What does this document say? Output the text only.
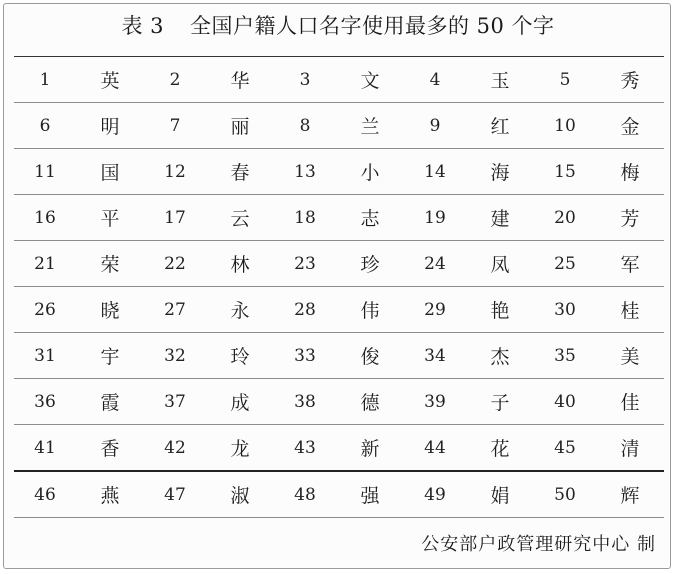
表 3 全国户籍人口名字使用最多的 50 个字
1	英	2	华	3	文	4	玉	5	秀
6	明	7	丽	8	兰	9	红	10	金
11	国	12	春	13	小	14	海	15	梅
16	平	17	云	18	志	19	建	20	芳
21	荣	22	林	23	珍	24	凤	25	军
26	晓	27	永	28	伟	29	艳	30	桂
31	宇	32	玲	33	俊	34	杰	35	美
36	霞	37	成	38	德	39	子	40	佳
41	香	42	龙	43	新	44	花	45	清
46	燕	47	淑	48	强	49	娟	50	辉
公安部户政管理研究中心 制
